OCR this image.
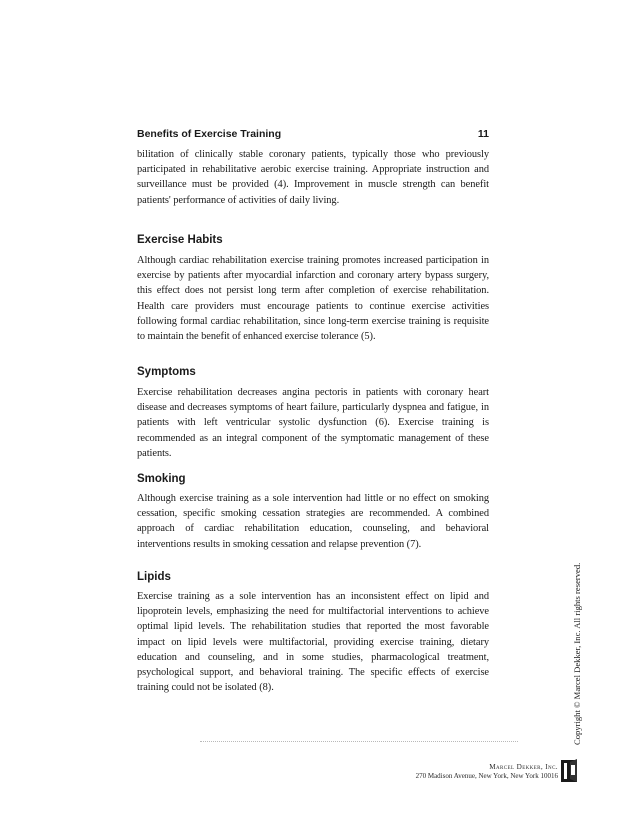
Benefits of Exercise Training	11

bilitation of clinically stable coronary patients, typically those who previously participated in rehabilitative aerobic exercise training. Appropriate instruction and surveillance must be provided (4). Improvement in muscle strength can benefit patients' performance of activities of daily living.

Exercise Habits

Although cardiac rehabilitation exercise training promotes increased participation in exercise by patients after myocardial infarction and coronary artery bypass surgery, this effect does not persist long term after completion of exercise rehabilitation. Health care providers must encourage patients to continue exercise activities following formal cardiac rehabilitation, since long-term exercise training is requisite to maintain the benefit of enhanced exercise tolerance (5).

Symptoms

Exercise rehabilitation decreases angina pectoris in patients with coronary heart disease and decreases symptoms of heart failure, particularly dyspnea and fatigue, in patients with left ventricular systolic dysfunction (6). Exercise training is recommended as an integral component of the symptomatic management of these patients.

Smoking

Although exercise training as a sole intervention had little or no effect on smoking cessation, specific smoking cessation strategies are recommended. A combined approach of cardiac rehabilitation education, counseling, and behavioral interventions results in smoking cessation and relapse prevention (7).

Lipids

Exercise training as a sole intervention has an inconsistent effect on lipid and lipoprotein levels, emphasizing the need for multifactorial interventions to achieve optimal lipid levels. The rehabilitation studies that reported the most favorable impact on lipid levels were multifactorial, providing exercise training, dietary education and counseling, and in some studies, pharmacological treatment, psychological support, and behavioral training. The specific effects of exercise training could not be isolated (8).	Copyright © Marcel Dekker, Inc. All rights reserved.
Marcel Dekker, Inc.
270 Madison Avenue, New York, New York 10016
